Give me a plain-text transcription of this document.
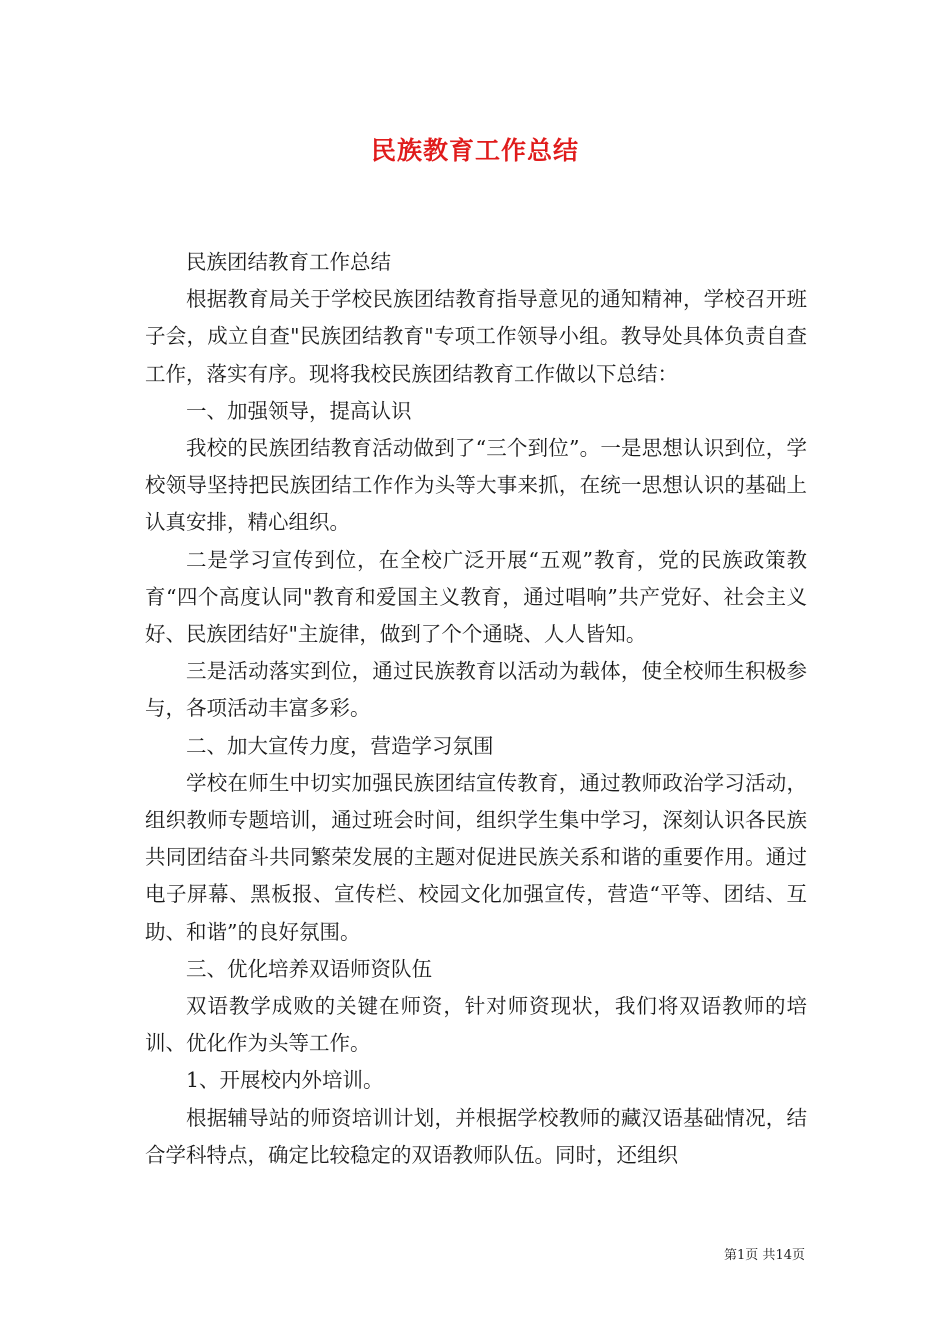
民族教育工作总结

民族团结教育工作总结

根据教育局关于学校民族团结教育指导意见的通知精神，学校召开班子会，成立自查"民族团结教育"专项工作领导小组。教导处具体负责自查工作，落实有序。现将我校民族团结教育工作做以下总结：

一、加强领导，提高认识

我校的民族团结教育活动做到了“三个到位”。一是思想认识到位，学校领导坚持把民族团结工作作为头等大事来抓，在统一思想认识的基础上认真安排，精心组织。

二是学习宣传到位，在全校广泛开展“五观”教育，党的民族政策教育“四个高度认同"教育和爱国主义教育，通过唱响”共产党好、社会主义好、民族团结好"主旋律，做到了个个通晓、人人皆知。

三是活动落实到位，通过民族教育以活动为载体，使全校师生积极参与，各项活动丰富多彩。

二、加大宣传力度，营造学习氛围

学校在师生中切实加强民族团结宣传教育，通过教师政治学习活动，组织教师专题培训，通过班会时间，组织学生集中学习，深刻认识各民族共同团结奋斗共同繁荣发展的主题对促进民族关系和谐的重要作用。通过电子屏幕、黑板报、宣传栏、校园文化加强宣传，营造“平等、团结、互助、和谐”的良好氛围。

三、优化培养双语师资队伍

双语教学成败的关键在师资，针对师资现状，我们将双语教师的培训、优化作为头等工作。

1、开展校内外培训。

根据辅导站的师资培训计划，并根据学校教师的藏汉语基础情况，结合学科特点，确定比较稳定的双语教师队伍。同时，还组织

第1页 共14页
